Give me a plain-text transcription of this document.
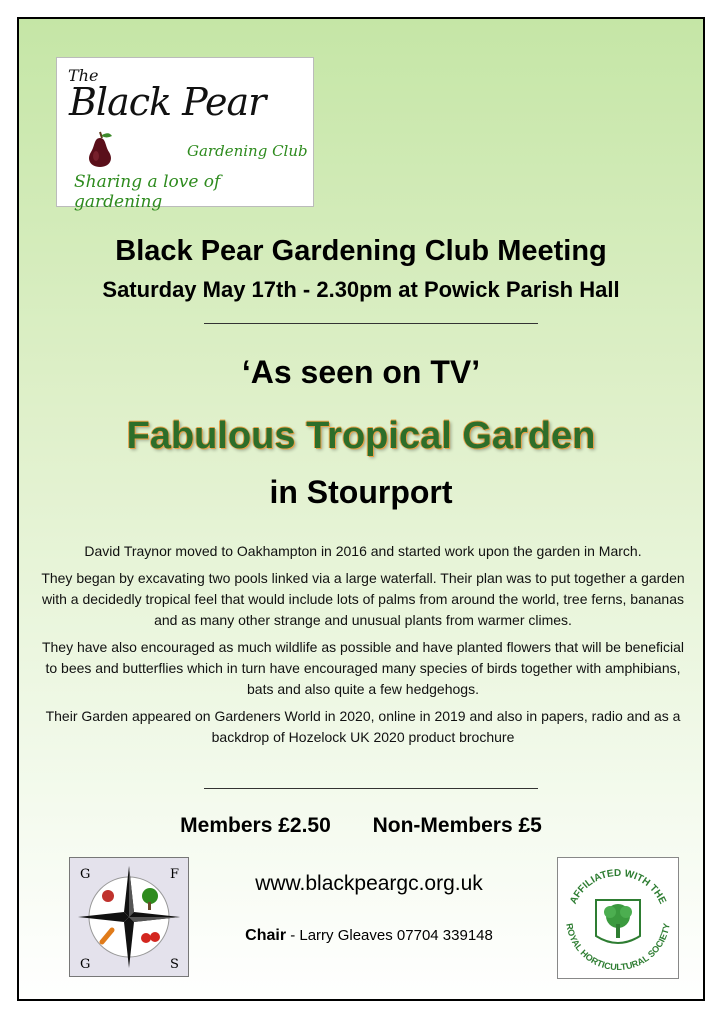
The
Black Pear
Gardening Club
Sharing a love of gardening
Black Pear Gardening Club Meeting
Saturday May 17th - 2.30pm at Powick Parish Hall
‘As seen on TV’
Fabulous Tropical Garden
in Stourport

David Traynor moved to Oakhampton in 2016 and started work upon the garden in March.

They began by excavating two pools linked via a large waterfall. Their plan was to put together a garden with a decidedly tropical feel that would include lots of palms from around the world, tree ferns, bananas and as many other strange and unusual plants from warmer climes.

They have also encouraged as much wildlife as possible and have planted flowers that will be beneficial to bees and butterflies which in turn have encouraged many species of birds together with amphibians, bats and also quite a few hedgehogs.

Their Garden appeared on Gardeners World in 2020, online in 2019 and also in papers, radio and as a backdrop of Hozelock UK 2020 product brochure

Members £2.50 Non-Members £5
G	F
G	S
www.blackpeargc.org.uk
Chair - Larry Gleaves 07704 339148
AFFILIATED WITH THE
ROYAL HORTICULTURAL SOCIETY
